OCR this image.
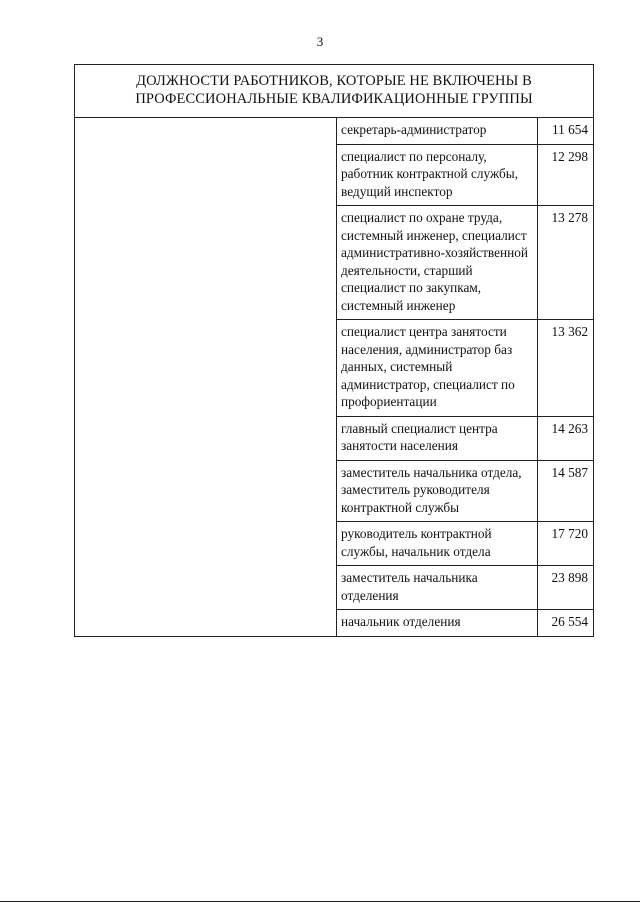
3
ДОЛЖНОСТИ РАБОТНИКОВ, КОТОРЫЕ НЕ ВКЛЮЧЕНЫ В ПРОФЕССИОНАЛЬНЫЕ КВАЛИФИКАЦИОННЫЕ ГРУППЫ		
	секретарь-администратор	11 654
	специалист по персоналу, работник контрактной службы, ведущий инспектор	12 298
	специалист по охране труда, системный инженер, специалист административно-хозяйственной деятельности, старший специалист по закупкам, системный инженер	13 278
	специалист центра занятости населения, администратор баз данных, системный администратор, специалист по профориентации	13 362
	главный специалист центра занятости населения	14 263
	заместитель начальника отдела, заместитель руководителя контрактной службы	14 587
	руководитель контрактной службы, начальник отдела	17 720
	заместитель начальника отделения	23 898
	начальник отделения	26 554
